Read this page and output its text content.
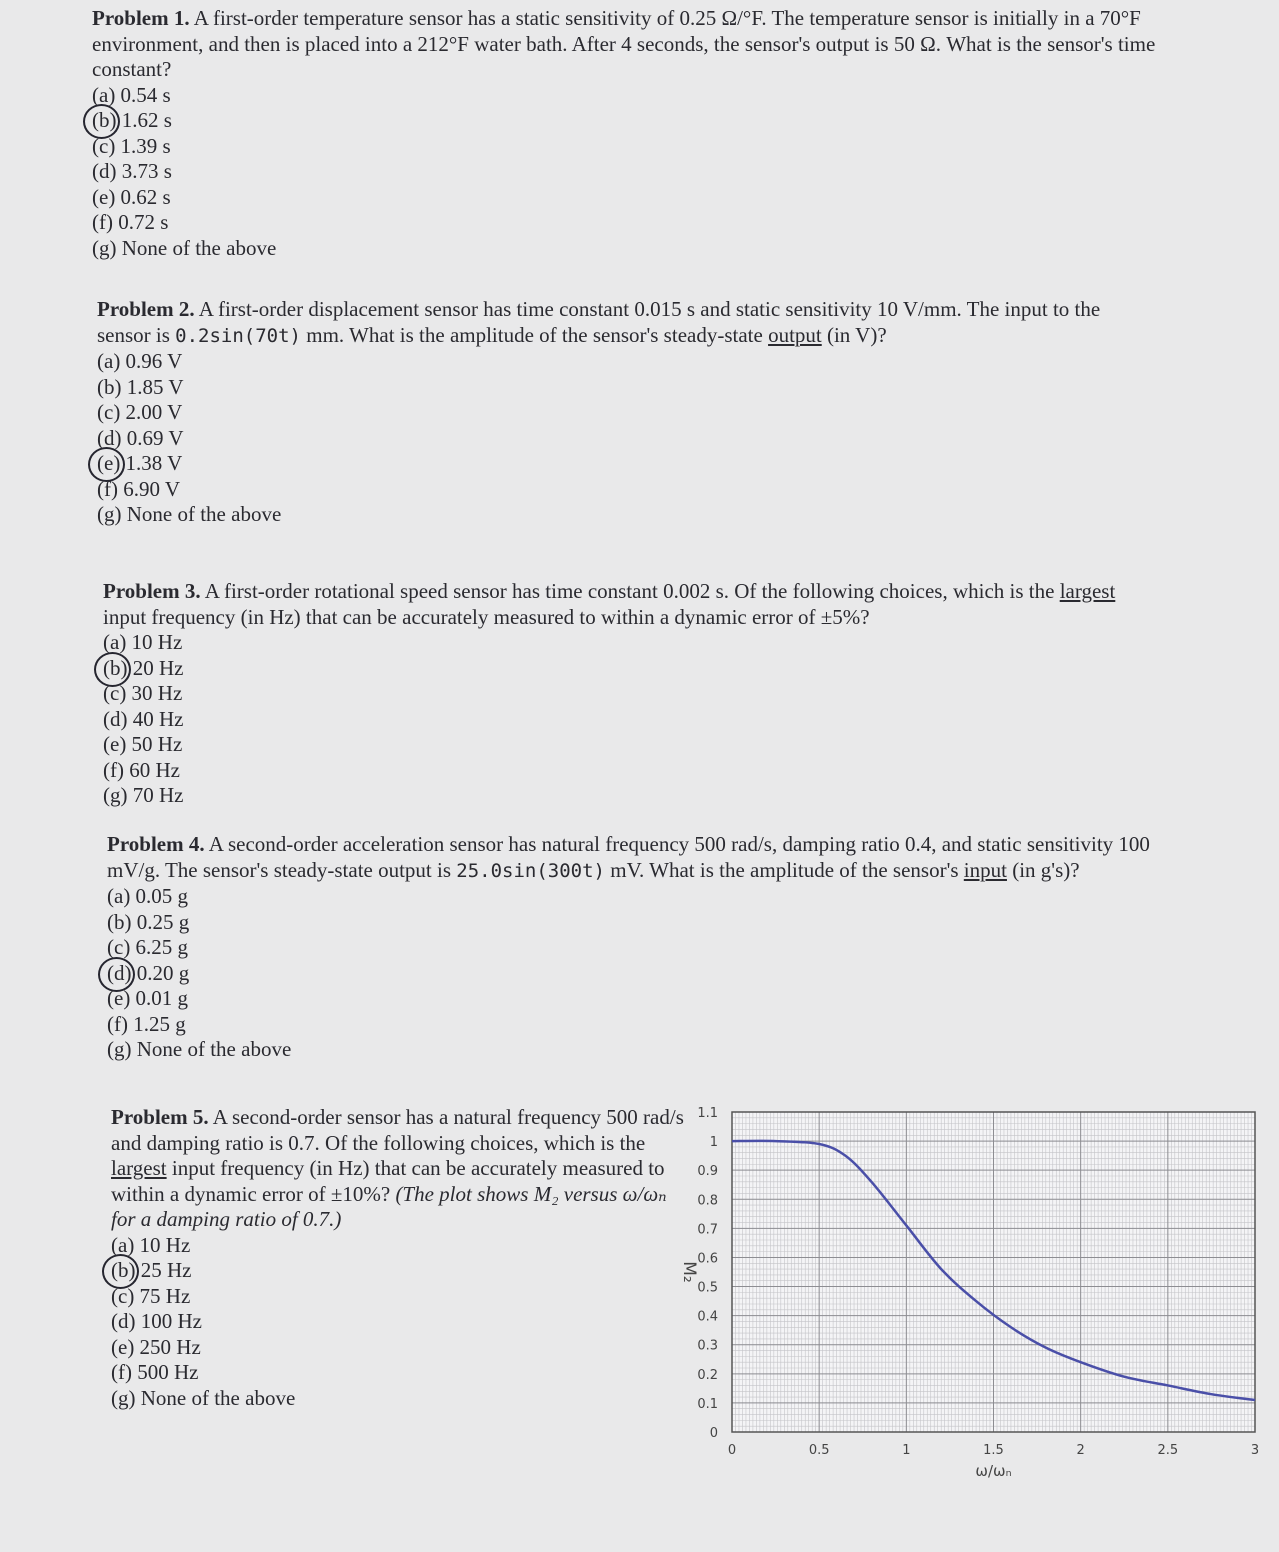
Problem 1. A first-order temperature sensor has a static sensitivity of 0.25 Ω/°F. The temperature sensor is initially in a 70°F environment, and then is placed into a 212°F water bath. After 4 seconds, the sensor's output is 50 Ω. What is the sensor's time constant?

(a) 0.54 s
(b) 1.62 s
(c) 1.39 s
(d) 3.73 s
(e) 0.62 s
(f) 0.72 s
(g) None of the above

Problem 2. A first-order displacement sensor has time constant 0.015 s and static sensitivity 10 V/mm. The input to the sensor is 0.2sin(70t) mm. What is the amplitude of the sensor's steady-state output (in V)?

(a) 0.96 V
(b) 1.85 V
(c) 2.00 V
(d) 0.69 V
(e) 1.38 V
(f) 6.90 V
(g) None of the above

Problem 3. A first-order rotational speed sensor has time constant 0.002 s. Of the following choices, which is the largest input frequency (in Hz) that can be accurately measured to within a dynamic error of ±5%?

(a) 10 Hz
(b) 20 Hz
(c) 30 Hz
(d) 40 Hz
(e) 50 Hz
(f) 60 Hz
(g) 70 Hz

Problem 4. A second-order acceleration sensor has natural frequency 500 rad/s, damping ratio 0.4, and static sensitivity 100 mV/g. The sensor's steady-state output is 25.0sin(300t) mV. What is the amplitude of the sensor's input (in g's)?

(a) 0.05 g
(b) 0.25 g
(c) 6.25 g
(d) 0.20 g
(e) 0.01 g
(f) 1.25 g
(g) None of the above

Problem 5. A second-order sensor has a natural frequency 500 rad/s and damping ratio is 0.7. Of the following choices, which is the largest input frequency (in Hz) that can be accurately measured to within a dynamic error of ±10%? (The plot shows M₂ versus ω/ωₙ for a damping ratio of 0.7.)

(a) 10 Hz
(b) 25 Hz
(c) 75 Hz
(d) 100 Hz
(e) 250 Hz
(f) 500 Hz
(g) None of the above
0
0.1
0.2
0.3
0.4
0.5
0.6
0.7
0.8
0.9
1
1.1
0	0.5	1	1.5	2	2.5	3
M₂
ω/ωₙ
